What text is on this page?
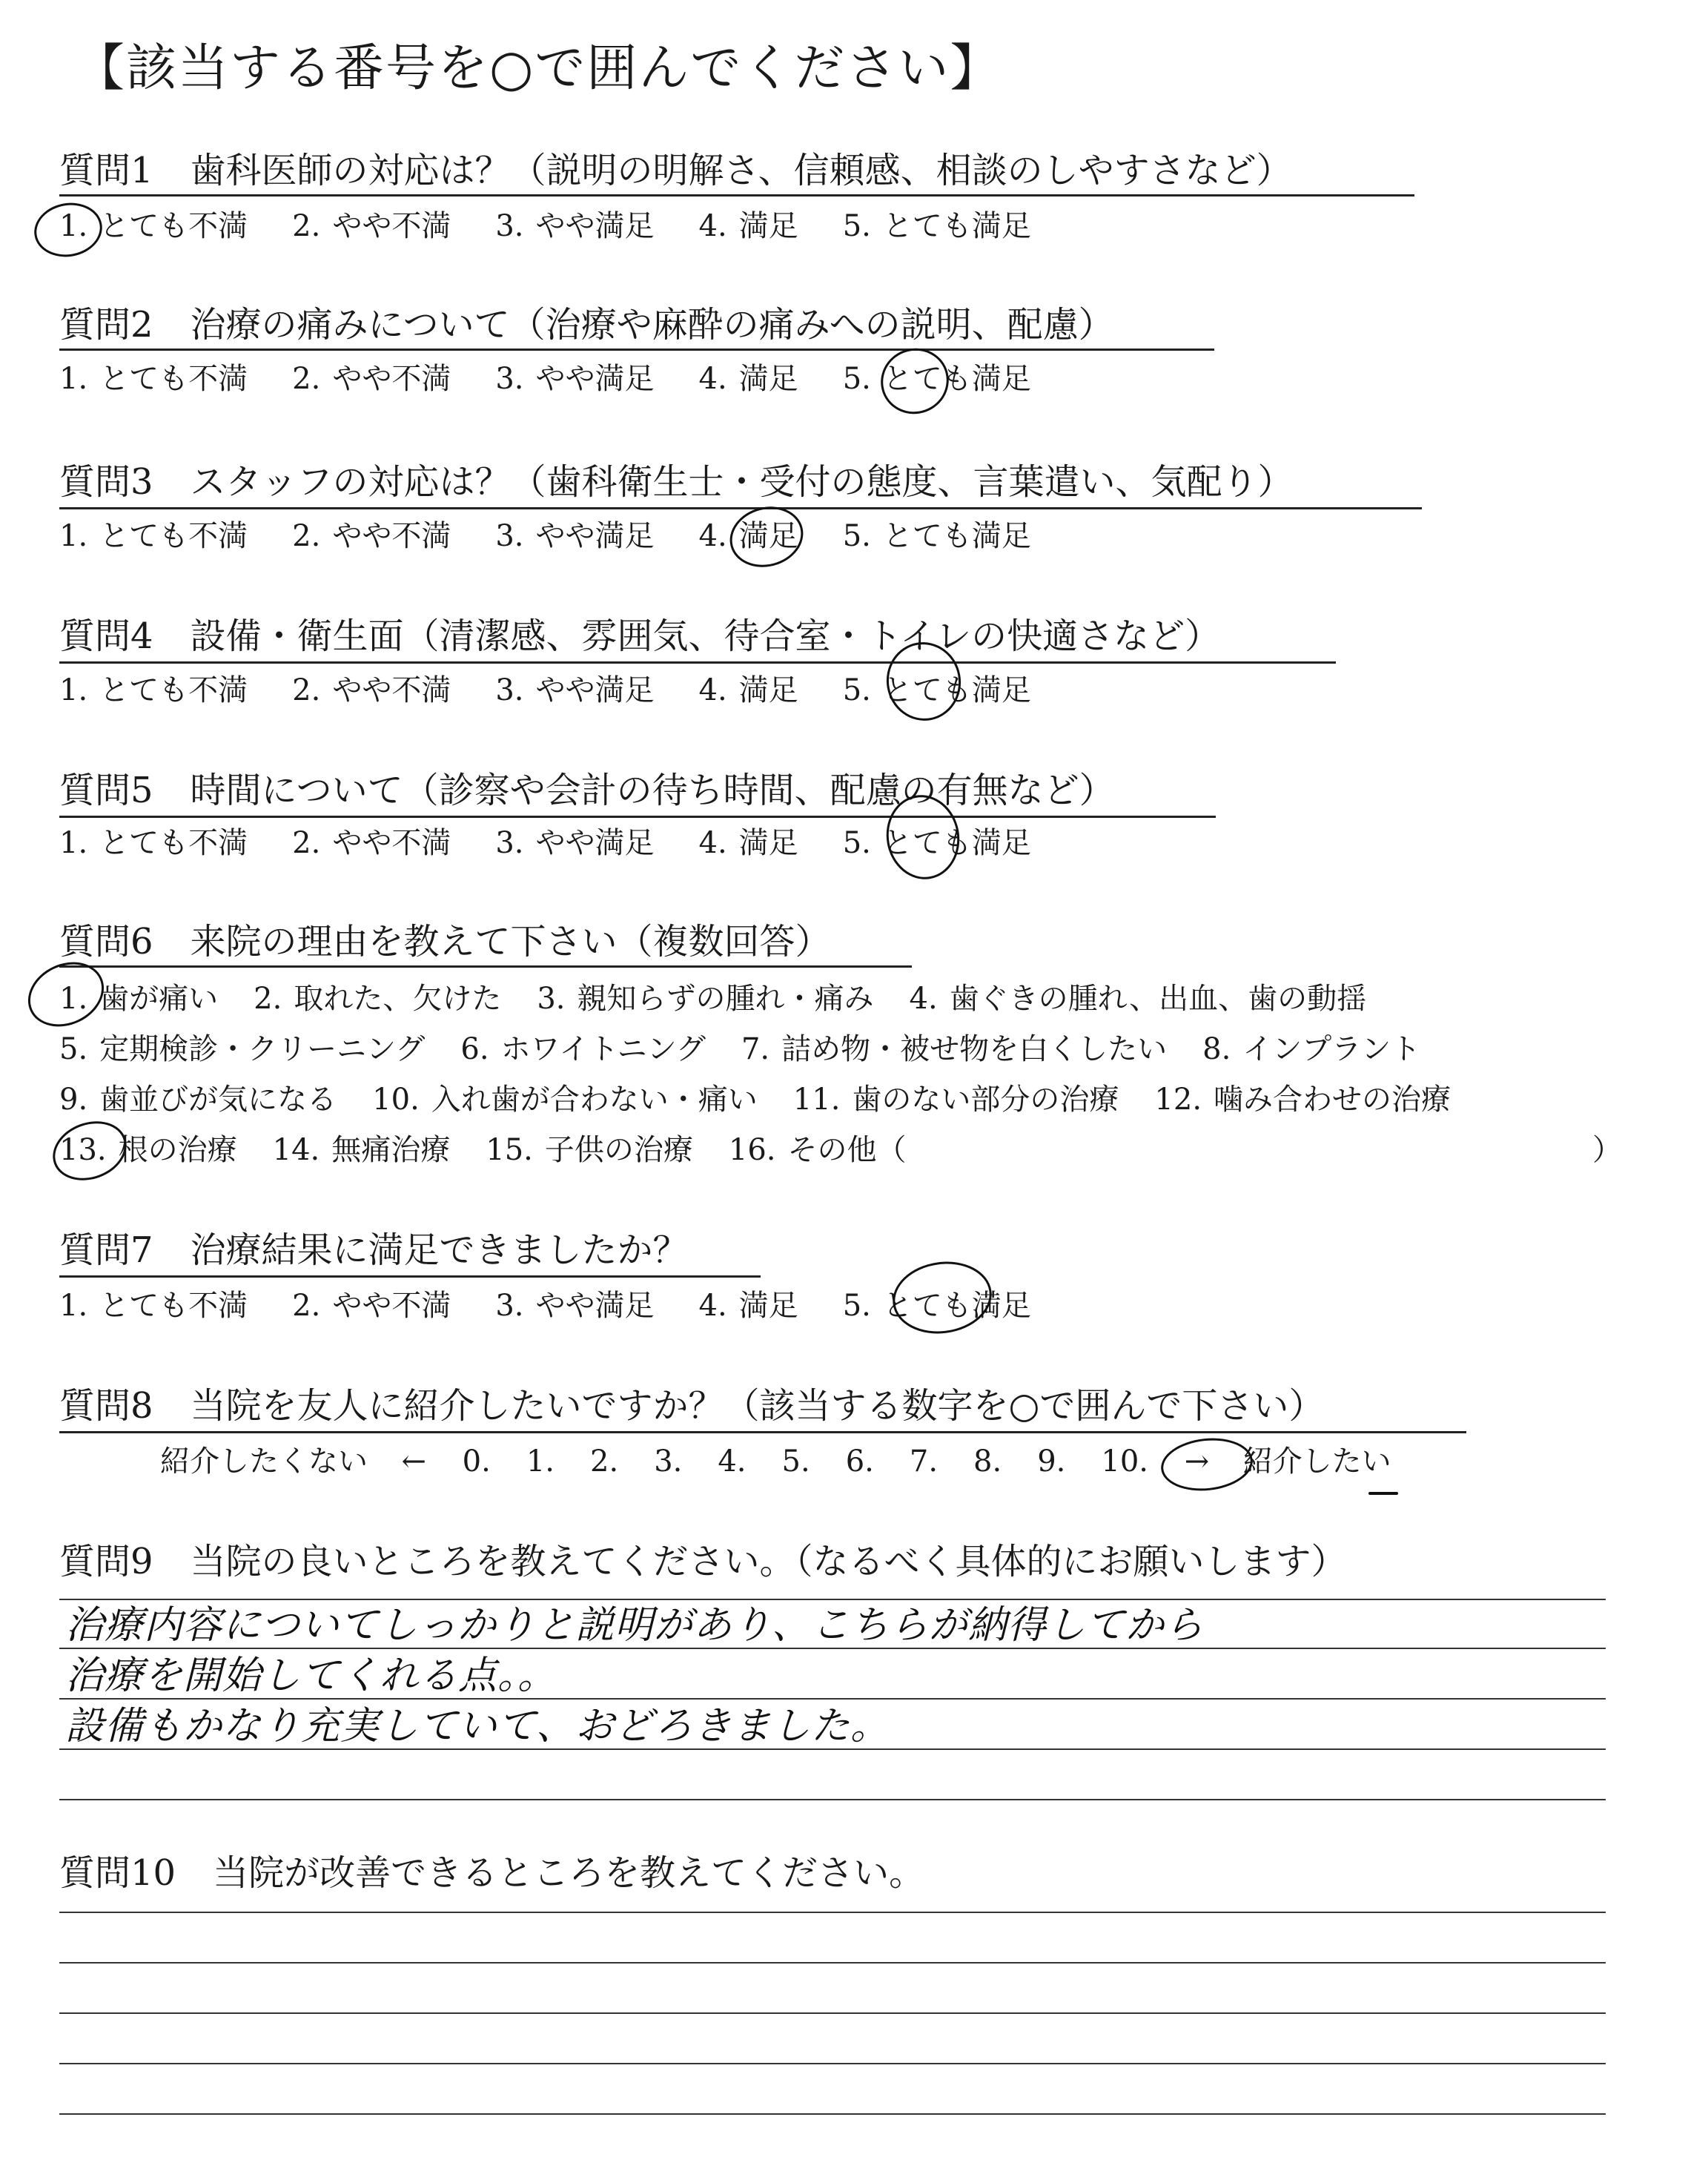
【該当する番号を○で囲んでください】
質問1 歯科医師の対応は？（説明の明解さ、信頼感、相談のしやすさなど）
1. とても不満 2. やや不満 3. やや満足 4. 満足 5. とても満足
質問2 治療の痛みについて（治療や麻酔の痛みへの説明、配慮）
1. とても不満 2. やや不満 3. やや満足 4. 満足 5. とても満足
質問3 スタッフの対応は？（歯科衛生士・受付の態度、言葉遣い、気配り）
1. とても不満 2. やや不満 3. やや満足 4. 満足 5. とても満足
質問4 設備・衛生面（清潔感、雰囲気、待合室・トイレの快適さなど）
1. とても不満 2. やや不満 3. やや満足 4. 満足 5. とても満足
質問5 時間について（診察や会計の待ち時間、配慮の有無など）
1. とても不満 2. やや不満 3. やや満足 4. 満足 5. とても満足
質問6 来院の理由を教えて下さい（複数回答）
1. 歯が痛い 2. 取れた、欠けた 3. 親知らずの腫れ・痛み 4. 歯ぐきの腫れ、出血、歯の動揺
5. 定期検診・クリーニング 6. ホワイトニング 7. 詰め物・被せ物を白くしたい 8. インプラント
9. 歯並びが気になる 10. 入れ歯が合わない・痛い 11. 歯のない部分の治療 12. 噛み合わせの治療
13. 根の治療 14. 無痛治療 15. 子供の治療 16. その他（	）
質問7 治療結果に満足できましたか？
1. とても不満 2. やや不満 3. やや満足 4. 満足 5. とても満足
質問8 当院を友人に紹介したいですか？（該当する数字を○で囲んで下さい）
紹介したくない ← 0. 1. 2. 3. 4. 5. 6. 7. 8. 9. 10. → 紹介したい
質問9 当院の良いところを教えてください。（なるべく具体的にお願いします）
治療内容についてしっかりと説明があり、こちらが納得してから
治療を開始してくれる点。。
設備もかなり充実していて、おどろきました。
質問10 当院が改善できるところを教えてください。
